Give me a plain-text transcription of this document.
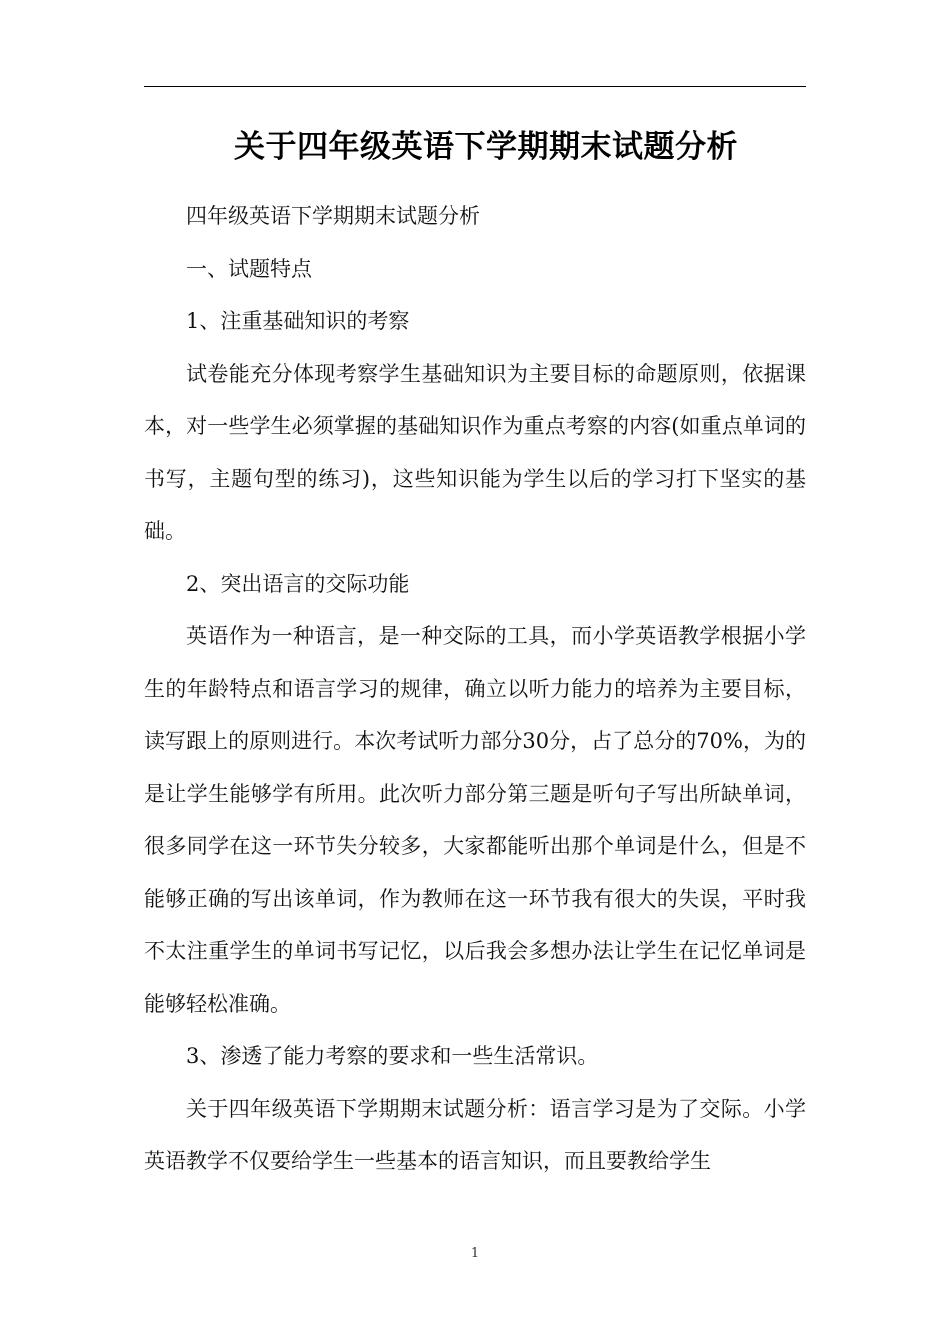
关于四年级英语下学期期末试题分析

四年级英语下学期期末试题分析

一、试题特点

1、注重基础知识的考察

试卷能充分体现考察学生基础知识为主要目标的命题原则，依据课本，对一些学生必须掌握的基础知识作为重点考察的内容(如重点单词的书写，主题句型的练习)，这些知识能为学生以后的学习打下坚实的基础。

2、突出语言的交际功能

英语作为一种语言，是一种交际的工具，而小学英语教学根据小学生的年龄特点和语言学习的规律，确立以听力能力的培养为主要目标，读写跟上的原则进行。本次考试听力部分30分，占了总分的70%，为的是让学生能够学有所用。此次听力部分第三题是听句子写出所缺单词，很多同学在这一环节失分较多，大家都能听出那个单词是什么，但是不能够正确的写出该单词，作为教师在这一环节我有很大的失误，平时我不太注重学生的单词书写记忆，以后我会多想办法让学生在记忆单词是能够轻松准确。

3、渗透了能力考察的要求和一些生活常识。

关于四年级英语下学期期末试题分析：语言学习是为了交际。小学英语教学不仅要给学生一些基本的语言知识，而且要教给学生

1
